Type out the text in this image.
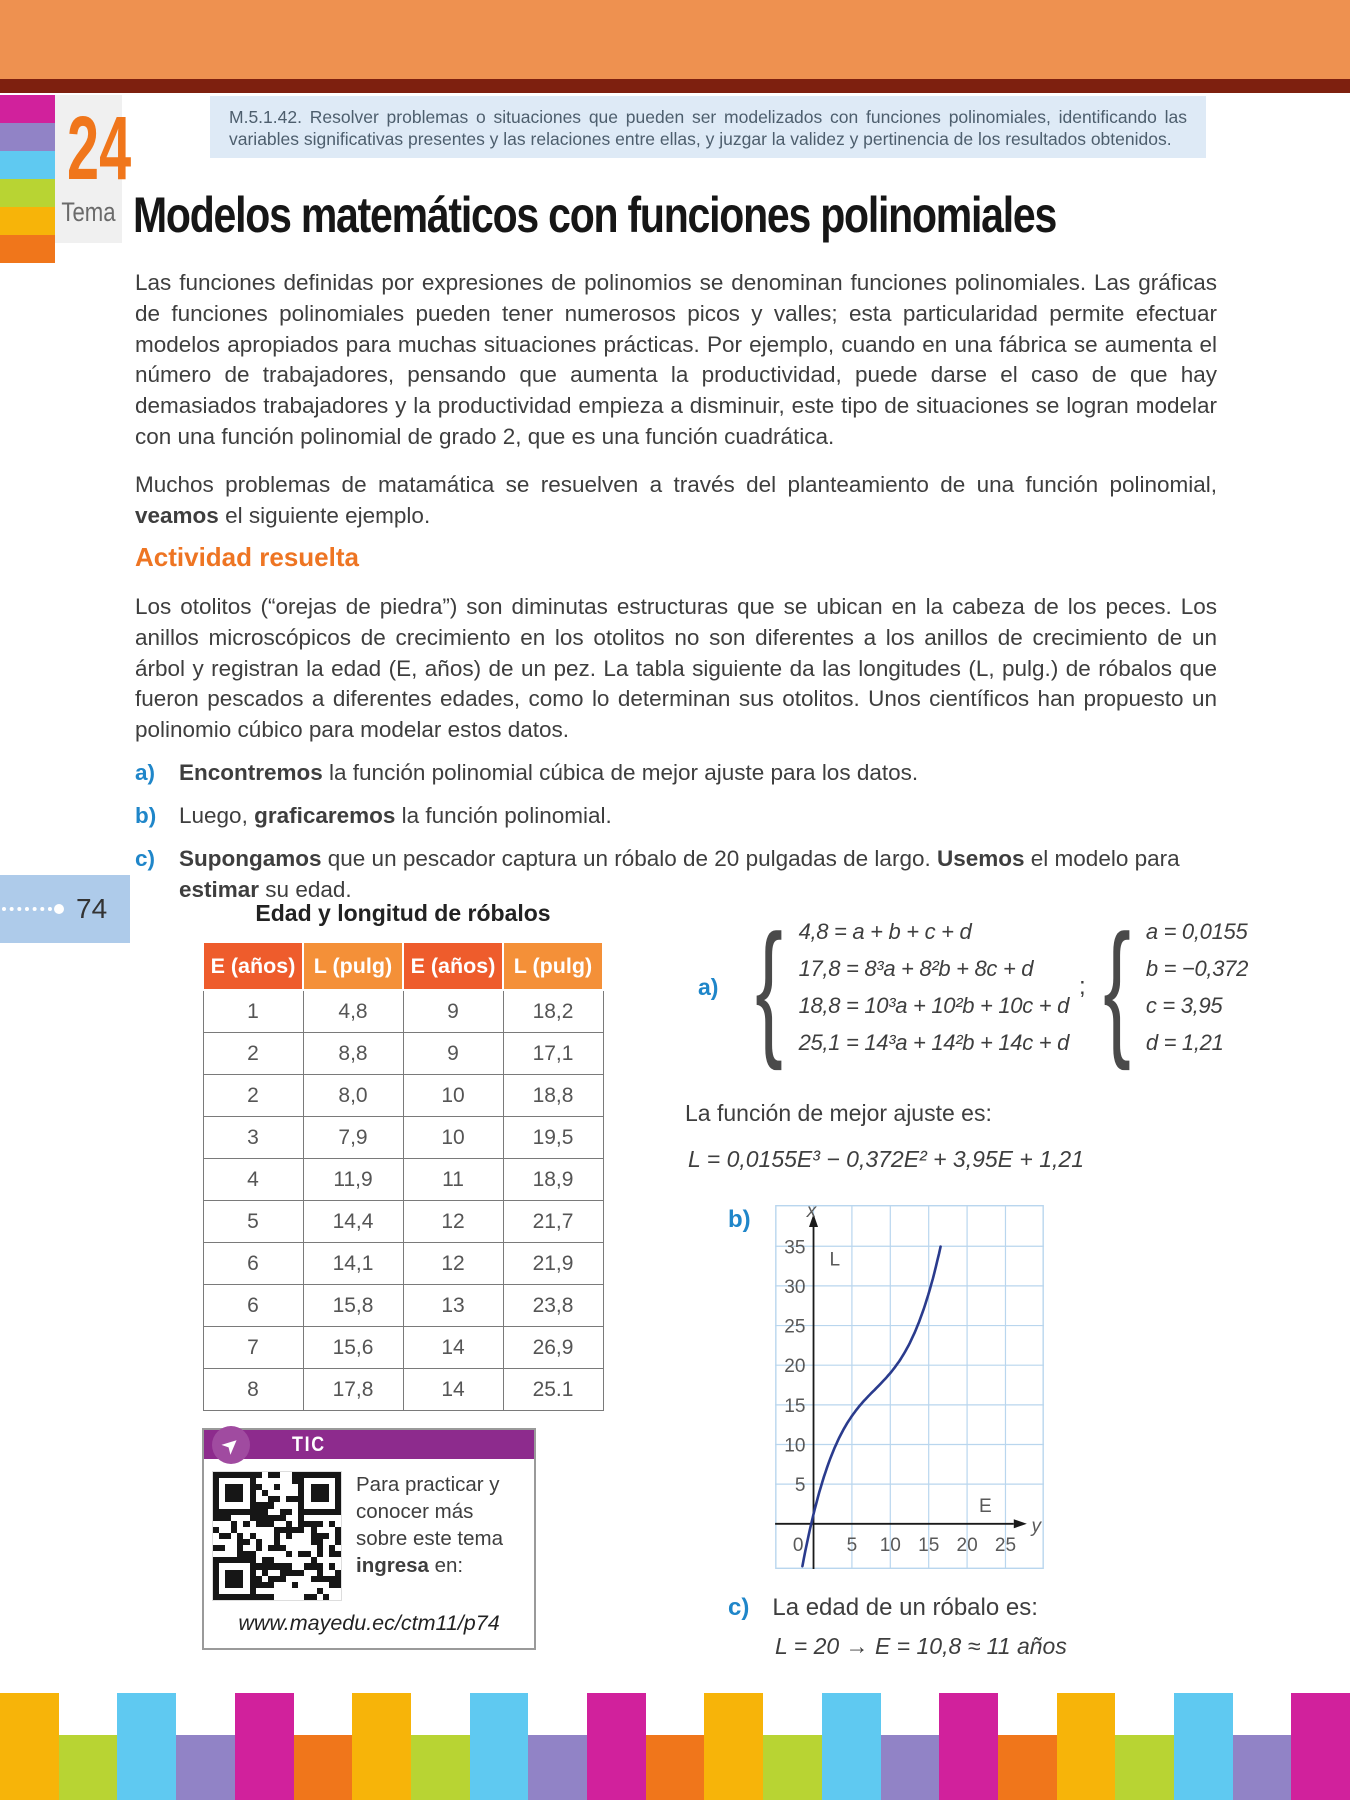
24
Tema
M.5.1.42. Resolver problemas o situaciones que pueden ser modelizados con funciones polinomiales, identificando las variables significativas presentes y las relaciones entre ellas, y juzgar la validez y pertinencia de los resultados obtenidos.
Modelos matemáticos con funciones polinomiales

Las funciones definidas por expresiones de polinomios se denominan funciones polinomiales. Las gráficas de funciones polinomiales pueden tener numerosos picos y valles; esta particularidad permite efectuar modelos apropiados para muchas situaciones prácticas. Por ejemplo, cuando en una fábrica se aumenta el número de trabajadores, pensando que aumenta la productividad, puede darse el caso de que hay demasiados trabajadores y la productividad empieza a disminuir, este tipo de situaciones se logran modelar con una función polinomial de grado 2, que es una función cuadrática.

Muchos problemas de matamática se resuelven a través del planteamiento de una función polinomial, veamos el siguiente ejemplo.

Actividad resuelta

Los otolitos (“orejas de piedra”) son diminutas estructuras que se ubican en la cabeza de los peces. Los anillos microscópicos de crecimiento en los otolitos no son diferentes a los anillos de crecimiento de un árbol y registran la edad (E, años) de un pez. La tabla siguiente da las longitudes (L, pulg.) de róbalos que fueron pescados a diferentes edades, como lo determinan sus otolitos. Unos científicos han propuesto un polinomio cúbico para modelar estos datos.

a)	Encontremos la función polinomial cúbica de mejor ajuste para los datos.
b)	Luego, graficaremos la función polinomial.
c)	Supongamos que un pescador captura un róbalo de 20 pulgadas de largo. Usemos el modelo para estimar su edad.
74	Edad y longitud de róbalos
E (años)	L (pulg)	E (años)	L (pulg)
1	4,8	9	18,2
2	8,8	9	17,1
2	8,0	10	18,8
3	7,9	10	19,5
4	11,9	11	18,9
5	14,4	12	21,7
6	14,1	12	21,9
6	15,8	13	23,8
7	15,6	14	26,9
8	17,8	14	25.1
➤ TIC
Para practicar y conocer más sobre este tema ingresa en:
www.mayedu.ec/ctm11/p74
a) { 4,8 = a + b + c + d
17,8 = 8³a + 8²b + 8c + d
18,8 = 10³a + 10²b + 10c + d
25,1 = 14³a + 14²b + 14c + d
; { a = 0,0155
b = −0,372
c = 3,95
d = 1,21

La función de mejor ajuste es:

L = 0,0155E³ − 0,372E² + 3,95E + 1,21

b)
5
10
15
20
25
30
35
0 5 10 15 20 25
x
L
E
y
c) La edad de un róbalo es:
L = 20 → E = 10,8 ≈ 11 años
